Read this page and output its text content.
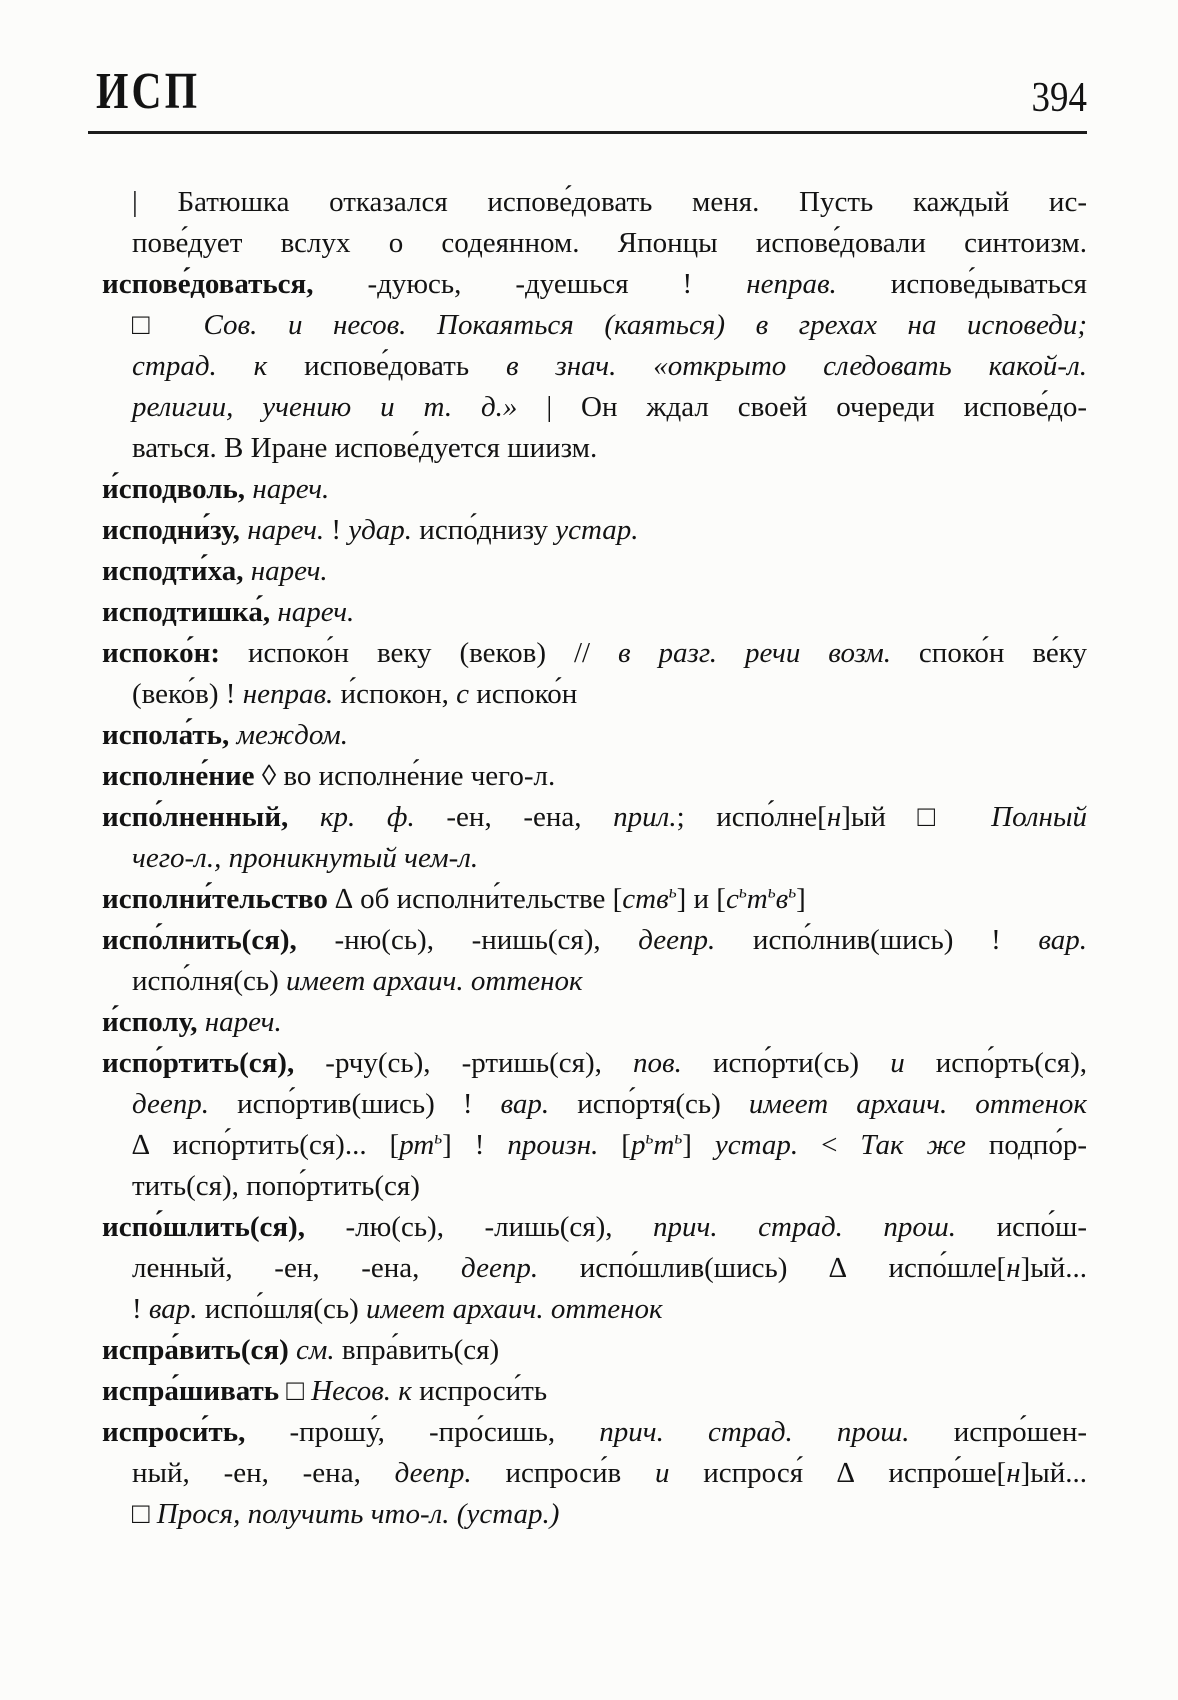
ИСП	394
| Батюшка отказался испове́довать меня. Пусть каждый ис-
пове́дует вслух о содеянном. Японцы испове́довали синтоизм.
испове́доваться, -дуюсь, -дуешься ! неправ. испове́дываться
□ Сов. и несов. Покаяться (каяться) в грехах на исповеди;
страд. к испове́довать в знач. «открыто следовать какой-л.
религии, учению и т. д.» | Он ждал своей очереди испове́до-
ваться. В Иране испове́дуется шиизм.
и́сподволь, нареч.
исподни́зу, нареч. ! удар. испо́днизу устар.
исподти́ха, нареч.
исподтишка́, нареч.
испоко́н: испоко́н веку (веков) // в разг. речи возм. споко́н ве́ку
(веко́в) ! неправ. и́спокон, с испоко́н
испола́ть, междом.
исполне́ние ◊ во исполне́ние чего-л.
испо́лненный, кр. ф. -ен, -ена, прил.; испо́лне[н]ый □ Полный
чего-л., проникнутый чем-л.
исполни́тельство ∆ об исполни́тельстве [ств$^ь$] и $[с^ьт^ьв^ь]$
испо́лнить(ся), -ню(сь), -нишь(ся), деепр. испо́лнив(шись) ! вар.
испо́лня(сь) имеет архаич. оттенок
и́сполу, нареч.
испо́ртить(ся), -рчу(сь), -ртишь(ся), пов. испо́рти(сь) и испо́рть(ся),
деепр. испо́ртив(шись) ! вар. испо́ртя(сь) имеет архаич. оттенок
∆ испо́ртить(ся)... $[рт^ь]$ ! произн. $[р^ьт^ь]$ устар. < Так же подпо́р-
тить(ся), попо́ртить(ся)
испо́шлить(ся), -лю(сь), -лишь(ся), прич. страд. прош. испо́ш-
ленный, -ен, -ена, деепр. испо́шлив(шись) ∆ испо́шле[н]ый...
! вар. испо́шля(сь) имеет архаич. оттенок
испра́вить(ся) см. впра́вить(ся)
испра́шивать □ Несов. к испроси́ть
испроси́ть, -прошу́, -про́сишь, прич. страд. прош. испро́шен-
ный, -ен, -ена, деепр. испроси́в и испрося́ ∆ испро́ше[н]ый...
□ Прося, получить что-л. (устар.)
